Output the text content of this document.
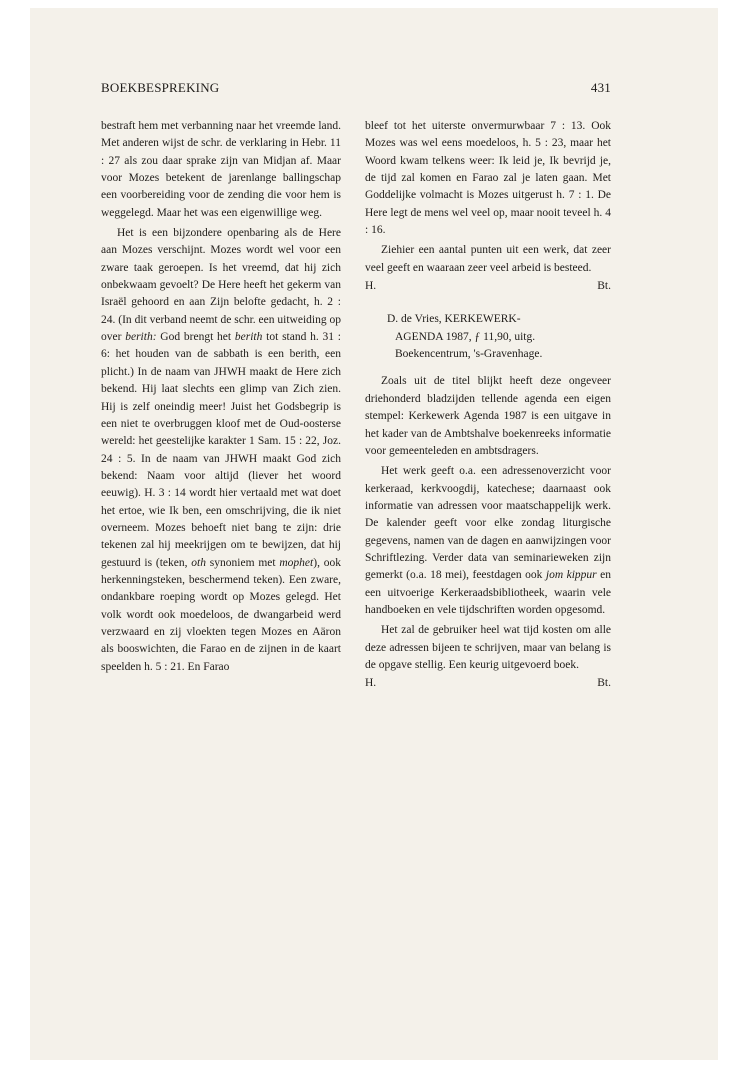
BOEKBESPREKING	431

bestraft hem met verbanning naar het vreemde land. Met anderen wijst de schr. de verklaring in Hebr. 11 : 27 als zou daar sprake zijn van Midjan af. Maar voor Mozes betekent de jarenlange ballingschap een voorbereiding voor de zending die voor hem is weggelegd. Maar het was een eigenwillige weg.

Het is een bijzondere openbaring als de Here aan Mozes verschijnt. Mozes wordt wel voor een zware taak geroepen. Is het vreemd, dat hij zich onbekwaam gevoelt? De Here heeft het gekerm van Israël gehoord en aan Zijn belofte gedacht, h. 2 : 24. (In dit verband neemt de schr. een uitweiding op over berith: God brengt het berith tot stand h. 31 : 6: het houden van de sabbath is een berith, een plicht.) In de naam van JHWH maakt de Here zich bekend. Hij laat slechts een glimp van Zich zien. Hij is zelf oneindig meer! Juist het Godsbegrip is een niet te overbruggen kloof met de Oud-oosterse wereld: het geestelijke karakter 1 Sam. 15 : 22, Joz. 24 : 5. In de naam van JHWH maakt God zich bekend: Naam voor altijd (liever het woord eeuwig). H. 3 : 14 wordt hier vertaald met wat doet het ertoe, wie Ik ben, een omschrijving, die ik niet overneem. Mozes behoeft niet bang te zijn: drie tekenen zal hij meekrijgen om te bewijzen, dat hij gestuurd is (teken, oth synoniem met mophet), ook herkenningsteken, beschermend teken). Een zware, ondankbare roeping wordt op Mozes gelegd. Het volk wordt ook moedeloos, de dwangarbeid werd verzwaard en zij vloekten tegen Mozes en Aäron als booswichten, die Farao en de zijnen in de kaart speelden h. 5 : 21. En Farao

bleef tot het uiterste onvermurwbaar 7 : 13. Ook Mozes was wel eens moedeloos, h. 5 : 23, maar het Woord kwam telkens weer: Ik leid je, Ik bevrijd je, de tijd zal komen en Farao zal je laten gaan. Met Goddelijke volmacht is Mozes uitgerust h. 7 : 1. De Here legt de mens wel veel op, maar nooit teveel h. 4 : 16.

Ziehier een aantal punten uit een werk, dat zeer veel geeft en waaraan zeer veel arbeid is besteed.

H.	Bt.
D. de Vries, KERKEWERK-
AGENDA 1987, ƒ 11,90, uitg.
Boekencentrum, 's-Gravenhage.

Zoals uit de titel blijkt heeft deze ongeveer driehonderd bladzijden tellende agenda een eigen stempel: Kerkewerk Agenda 1987 is een uitgave in het kader van de Ambtshalve boekenreeks informatie voor gemeenteleden en ambtsdragers.

Het werk geeft o.a. een adressenoverzicht voor kerkeraad, kerkvoogdij, katechese; daarnaast ook informatie van adressen voor maatschappelijk werk. De kalender geeft voor elke zondag liturgische gegevens, namen van de dagen en aanwijzingen voor Schriftlezing. Verder data van seminarieweken zijn gemerkt (o.a. 18 mei), feestdagen ook jom kippur en een uitvoerige Kerkeraadsbibliotheek, waarin vele handboeken en vele tijdschriften worden opgesomd.

Het zal de gebruiker heel wat tijd kosten om alle deze adressen bijeen te schrijven, maar van belang is de opgave stellig. Een keurig uitgevoerd boek.

H.	Bt.
